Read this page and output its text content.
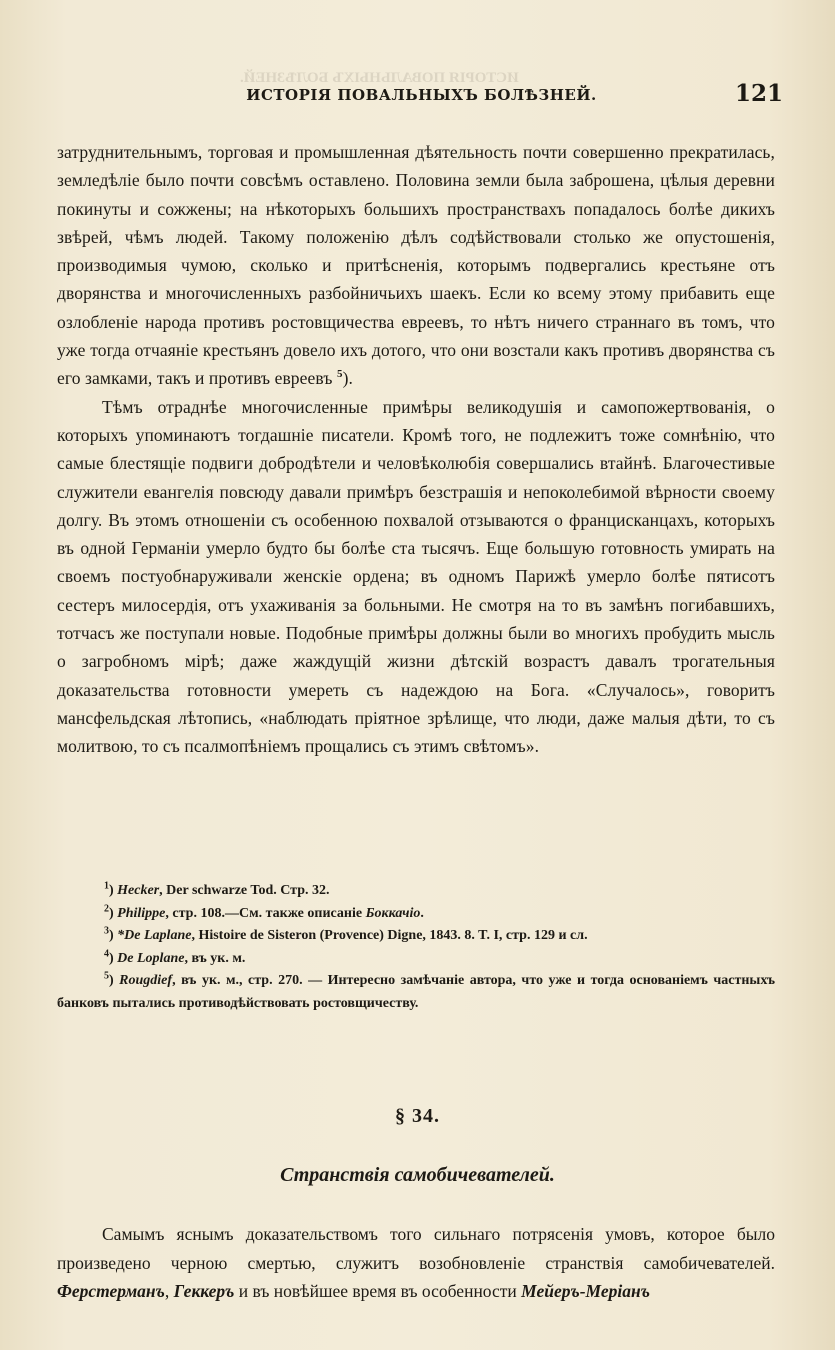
ИСТОРІЯ ПОВАЛЬНЫХЪ БОЛѢЗНЕЙ.
ИСТОРІЯ ПОВАЛЬНЫХЪ БОЛѢЗНЕЙ.	121

затруднительнымъ, торговая и промышленная дѣятельность почти совершенно прекратилась, земледѣліе было почти совсѣмъ оставлено. Половина земли была заброшена, цѣлыя деревни покинуты и сожжены; на нѣкоторыхъ большихъ пространствахъ попадалось болѣе дикихъ звѣрей, чѣмъ людей. Такому положенію дѣлъ содѣйствовали столько же опустошенія, производимыя чумою, сколько и притѣсненія, которымъ подвергались крестьяне отъ дворянства и многочисленныхъ разбойничьихъ шаекъ. Если ко всему этому прибавить еще озлобленіе народа противъ ростовщичества евреевъ, то нѣтъ ничего страннаго въ томъ, что уже тогда отчаяніе крестьянъ довело ихъ дотого, что они возстали какъ противъ дворянства съ его замками, такъ и противъ евреевъ $^5$).

Тѣмъ отраднѣе многочисленные примѣры великодушія и самопожертвованія, о которыхъ упоминаютъ тогдашніе писатели. Кромѣ того, не подлежитъ тоже сомнѣнію, что самые блестящіе подвиги добродѣтели и человѣколюбія совершались втайнѣ. Благочестивые служители евангелія повсюду давали примѣръ безстрашія и непоколебимой вѣрности своему долгу. Въ этомъ отношеніи съ особенною похвалой отзываются о францисканцахъ, которыхъ въ одной Германіи умерло будто бы болѣе ста тысячъ. Еще большую готовность умирать на своемъ постуобнаруживали женскіе ордена; въ одномъ Парижѣ умерло болѣе пятисотъ сестеръ милосердія, отъ ухаживанія за больными. Не смотря на то въ замѣнъ погибавшихъ, тотчасъ же поступали новые. Подобные примѣры должны были во многихъ пробудить мысль о загробномъ мірѣ; даже жаждущій жизни дѣтскій возрастъ давалъ трогательныя доказательства готовности умереть съ надеждою на Бога. «Случалось», говоритъ мансфельдская лѣтопись, «наблюдать пріятное зрѣлище, что люди, даже малыя дѣти, то съ молитвою, то съ псалмопѣніемъ прощались съ этимъ свѣтомъ».

$^1$) Hecker, Der schwarze Tod. Стр. 32.
$^2$) Philippe, стр. 108.—См. также описаніе Боккачіо.
$^3$) *De Laplane, Histoire de Sisteron (Provence) Digne, 1843. 8. T. I, стр. 129 и сл.
$^4$) De Loplane, въ ук. м.
$^5$) Rougdief, въ ук. м., стр. 270. — Интересно замѣчаніе автора, что уже и тогда основаніемъ частныхъ банковъ пытались противодѣйствовать ростовщичеству.
§ 34.
Странствія самобичевателей.

Самымъ яснымъ доказательствомъ того сильнаго потрясенія умовъ, которое было произведено черною смертью, служитъ возобновленіе странствія самобичевателей. Ферстерманъ, Геккеръ и въ новѣйшее время въ особенности Мейеръ-Меріанъ
